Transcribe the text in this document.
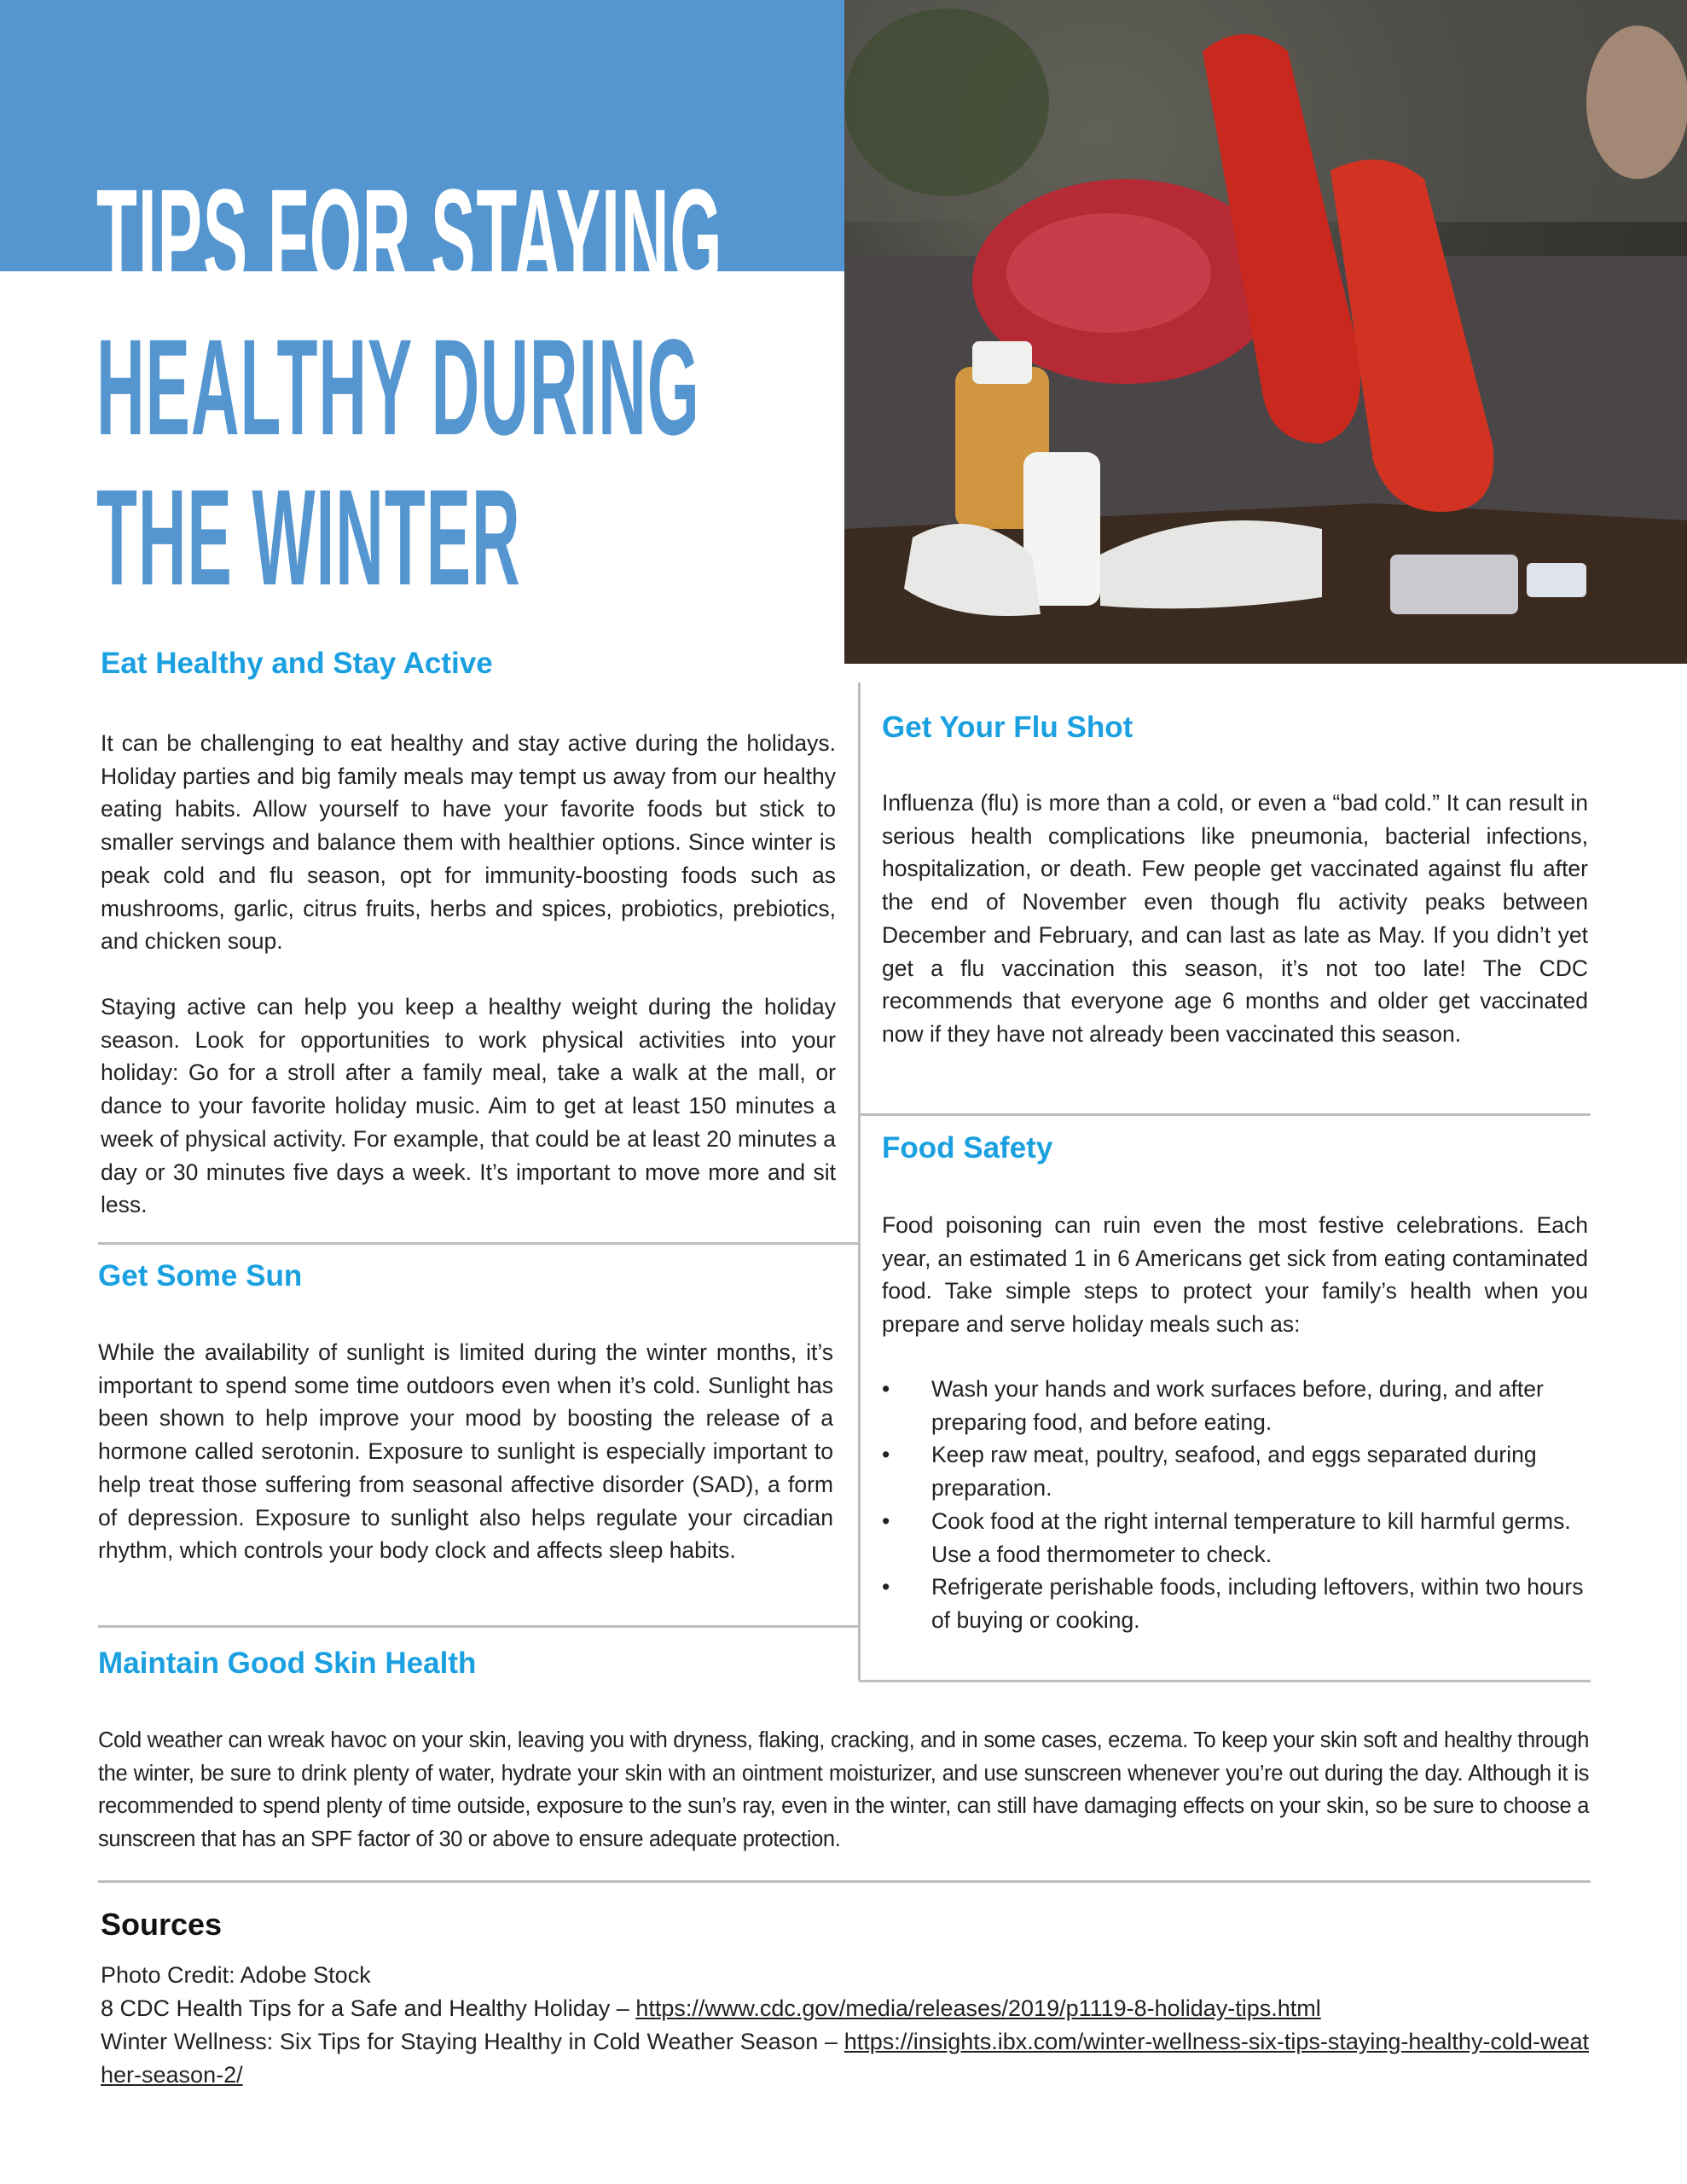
TIPS FOR STAYING
HEALTHY DURING
THE WINTER
Eat Healthy and Stay Active
It can be challenging to eat healthy and stay active during the holidays. Holiday parties and big family meals may tempt us away from our healthy eating habits. Allow yourself to have your favorite foods but stick to smaller servings and balance them with healthier options. Since winter is peak cold and flu season, opt for immunity-boosting foods such as mushrooms, garlic, citrus fruits, herbs and spices, probiotics, prebiotics, and chicken soup.
Staying active can help you keep a healthy weight during the holiday season. Look for opportunities to work physical activities into your holiday: Go for a stroll after a family meal, take a walk at the mall, or dance to your favorite holiday music. Aim to get at least 150 minutes a week of physical activity. For example, that could be at least 20 minutes a day or 30 minutes five days a week. It’s important to move more and sit less.
Get Some Sun
While the availability of sunlight is limited during the winter months, it’s important to spend some time outdoors even when it’s cold. Sunlight has been shown to help improve your mood by boosting the release of a hormone called serotonin. Exposure to sunlight is especially important to help treat those suffering from seasonal affective disorder (SAD), a form of depression. Exposure to sunlight also helps regulate your circadian rhythm, which controls your body clock and affects sleep habits.
Maintain Good Skin Health
Cold weather can wreak havoc on your skin, leaving you with dryness, flaking, cracking, and in some cases, eczema. To keep your skin soft and healthy through the winter, be sure to drink plenty of water, hydrate your skin with an ointment moisturizer, and use sunscreen whenever you’re out during the day. Although it is recommended to spend plenty of time outside, exposure to the sun’s ray, even in the winter, can still have damaging effects on your skin, so be sure to choose a sunscreen that has an SPF factor of 30 or above to ensure adequate protection.
Get Your Flu Shot
Influenza (flu) is more than a cold, or even a “bad cold.” It can result in serious health complications like pneumonia, bacterial infections, hospitalization, or death. Few people get vaccinated against flu after the end of November even though flu activity peaks between December and February, and can last as late as May. If you didn’t yet get a flu vaccination this season, it’s not too late! The CDC recommends that everyone age 6 months and older get vaccinated now if they have not already been vaccinated this season.
Food Safety
Food poisoning can ruin even the most festive celebrations. Each year, an estimated 1 in 6 Americans get sick from eating contaminated food. Take simple steps to protect your family’s health when you prepare and serve holiday meals such as:
• Wash your hands and work surfaces before, during, and after preparing food, and before eating.
• Keep raw meat, poultry, seafood, and eggs separated during preparation.
• Cook food at the right internal temperature to kill harmful germs. Use a food thermometer to check.
• Refrigerate perishable foods, including leftovers, within two hours of buying or cooking.
Sources
Photo Credit: Adobe Stock
8 CDC Health Tips for a Safe and Healthy Holiday – https://www.cdc.gov/media/releases/2019/p1119-8-holiday-tips.html
Winter Wellness: Six Tips for Staying Healthy in Cold Weather Season – https://insights.ibx.com/winter-wellness-six-tips-staying-healthy-cold-weather-season-2/
